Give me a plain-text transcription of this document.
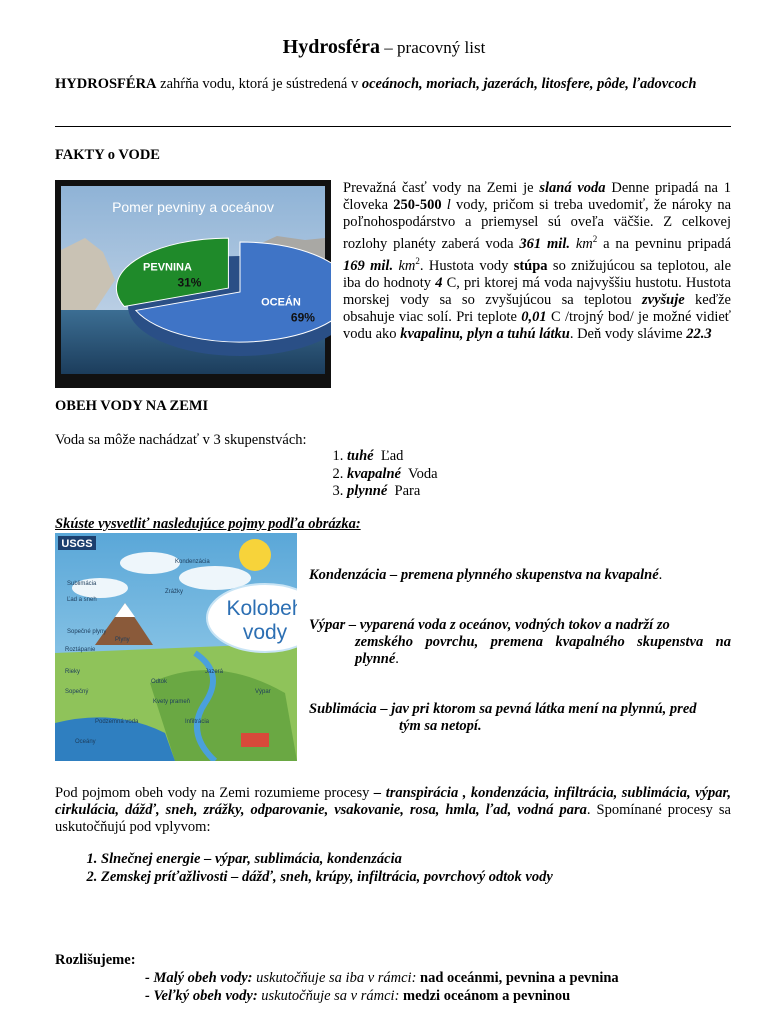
Hydrosféra – pracovný list
HYDROSFÉRA zahŕňa vodu, ktorá je sústredená v oceánoch, moriach, jazerách, litosfere, pôde, ľadovcoch
FAKTY o VODE
PEVNINA
31%
OCEÁN
69%
Pomer pevniny a oceánov
Prevažná časť vody na Zemi je slaná voda Denne pripadá na 1 človeka 250-500 l vody, pričom si treba uvedomiť, že nároky na poľnohospodárstvo a priemysel sú oveľa väčšie. Z celkovej rozlohy planéty zaberá voda 361 mil. $km^2$ a na pevninu pripadá 169 mil. $km^2$. Hustota vody stúpa so znižujúcou sa teplotou, ale iba do hodnoty 4 C, pri ktorej má voda najvyššiu hustotu. Hustota morskej vody sa so zvyšujúcou sa teplotou zvyšuje keďže obsahuje viac solí. Pri teplote 0,01 C /trojný bod/ je možné vidieť vodu ako kvapalinu, plyn a tuhú látku. Deň vody slávime 22.3
OBEH VODY NA ZEMI
Voda sa môže nachádzať v 3 skupenstvách:
1. tuhé Ľad
2. kvapalné Voda
3. plynné Para
Skúste vysvetliť nasledujúce pojmy podľa obrázka:
USGS
Kolobeh
vody
Sublimácia
Ľad a sneh
Zrážky
Sopečné plyny
Kondenzácia
Roztápanie
Plyny
Odtok
Rieky
Kvety prameň
Podzemná voda
Oceány
Výpar
Infiltrácia
Jazerá
Sopečný
Kondenzácia – premena plynného skupenstva na kvapalné.
Výpar – vyparená voda z oceánov, vodných tokov a nadrží zo
zemského povrchu, premena kvapalného skupenstva na plynné.
Sublimácia – jav pri ktorom sa pevná látka mení na plynnú, pred
tým sa netopí.
Pod pojmom obeh vody na Zemi rozumieme procesy – transpirácia , kondenzácia, infiltrácia, sublimácia, výpar, cirkulácia, dážď, sneh, zrážky, odparovanie, vsakovanie, rosa, hmla, ľad, vodná para. Spomínané procesy sa uskutočňujú pod vplyvom:
1. Slnečnej energie – výpar, sublimácia, kondenzácia
2. Zemskej príťažlivosti – dážď, sneh, krúpy, infiltrácia, povrchový odtok vody
Rozlišujeme:
- Malý obeh vody: uskutočňuje sa iba v rámci: nad oceánmi, pevnina a pevnina
- Veľký obeh vody: uskutočňuje sa v rámci: medzi oceánom a pevninou
